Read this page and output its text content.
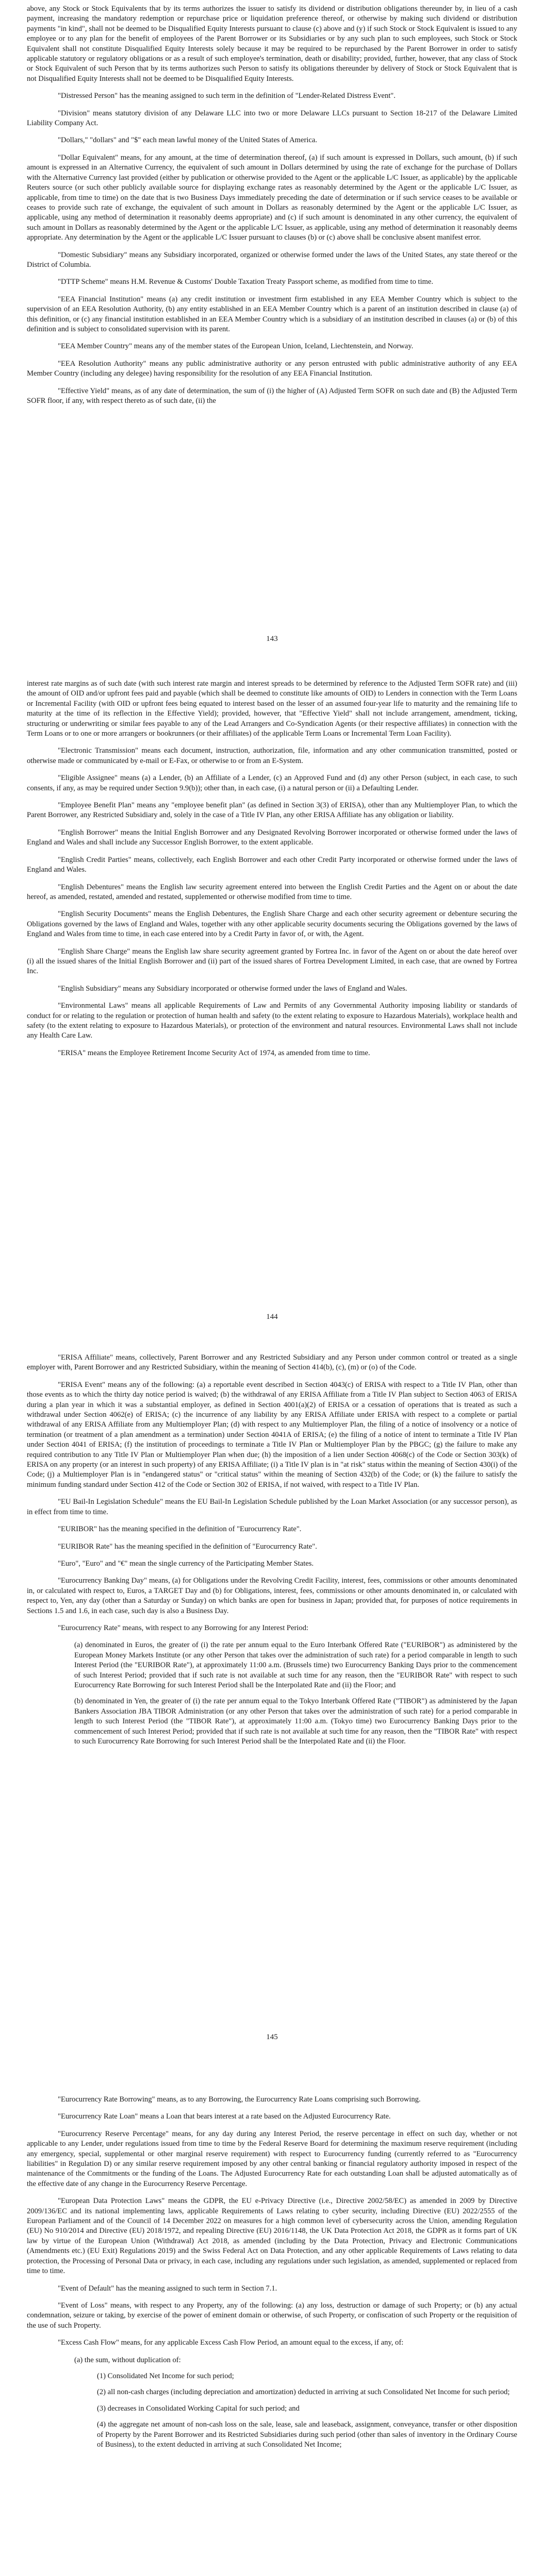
above, any Stock or Stock Equivalents that by its terms authorizes the issuer to satisfy its dividend or distribution obligations thereunder by, in lieu of a cash payment, increasing the mandatory redemption or repurchase price or liquidation preference thereof, or otherwise by making such dividend or distribution payments "in kind", shall not be deemed to be Disqualified Equity Interests pursuant to clause (c) above and (y) if such Stock or Stock Equivalent is issued to any employee or to any plan for the benefit of employees of the Parent Borrower or its Subsidiaries or by any such plan to such employees, such Stock or Stock Equivalent shall not constitute Disqualified Equity Interests solely because it may be required to be repurchased by the Parent Borrower in order to satisfy applicable statutory or regulatory obligations or as a result of such employee's termination, death or disability; provided, further, however, that any class of Stock or Stock Equivalent of such Person that by its terms authorizes such Person to satisfy its obligations thereunder by delivery of Stock or Stock Equivalent that is not Disqualified Equity Interests shall not be deemed to be Disqualified Equity Interests.

"Distressed Person" has the meaning assigned to such term in the definition of "Lender-Related Distress Event".

"Division" means statutory division of any Delaware LLC into two or more Delaware LLCs pursuant to Section 18-217 of the Delaware Limited Liability Company Act.

"Dollars," "dollars" and "$" each mean lawful money of the United States of America.

"Dollar Equivalent" means, for any amount, at the time of determination thereof, (a) if such amount is expressed in Dollars, such amount, (b) if such amount is expressed in an Alternative Currency, the equivalent of such amount in Dollars determined by using the rate of exchange for the purchase of Dollars with the Alternative Currency last provided (either by publication or otherwise provided to the Agent or the applicable L/C Issuer, as applicable) by the applicable Reuters source (or such other publicly available source for displaying exchange rates as reasonably determined by the Agent or the applicable L/C Issuer, as applicable, from time to time) on the date that is two Business Days immediately preceding the date of determination or if such service ceases to be available or ceases to provide such rate of exchange, the equivalent of such amount in Dollars as reasonably determined by the Agent or the applicable L/C Issuer, as applicable, using any method of determination it reasonably deems appropriate) and (c) if such amount is denominated in any other currency, the equivalent of such amount in Dollars as reasonably determined by the Agent or the applicable L/C Issuer, as applicable, using any method of determination it reasonably deems appropriate. Any determination by the Agent or the applicable L/C Issuer pursuant to clauses (b) or (c) above shall be conclusive absent manifest error.

"Domestic Subsidiary" means any Subsidiary incorporated, organized or otherwise formed under the laws of the United States, any state thereof or the District of Columbia.

"DTTP Scheme" means H.M. Revenue & Customs' Double Taxation Treaty Passport scheme, as modified from time to time.

"EEA Financial Institution" means (a) any credit institution or investment firm established in any EEA Member Country which is subject to the supervision of an EEA Resolution Authority, (b) any entity established in an EEA Member Country which is a parent of an institution described in clause (a) of this definition, or (c) any financial institution established in an EEA Member Country which is a subsidiary of an institution described in clauses (a) or (b) of this definition and is subject to consolidated supervision with its parent.

"EEA Member Country" means any of the member states of the European Union, Iceland, Liechtenstein, and Norway.

"EEA Resolution Authority" means any public administrative authority or any person entrusted with public administrative authority of any EEA Member Country (including any delegee) having responsibility for the resolution of any EEA Financial Institution.

"Effective Yield" means, as of any date of determination, the sum of (i) the higher of (A) Adjusted Term SOFR on such date and (B) the Adjusted Term SOFR floor, if any, with respect thereto as of such date, (ii) the

143

interest rate margins as of such date (with such interest rate margin and interest spreads to be determined by reference to the Adjusted Term SOFR rate) and (iii) the amount of OID and/or upfront fees paid and payable (which shall be deemed to constitute like amounts of OID) to Lenders in connection with the Term Loans or Incremental Facility (with OID or upfront fees being equated to interest based on the lesser of an assumed four-year life to maturity and the remaining life to maturity at the time of its reflection in the Effective Yield); provided, however, that "Effective Yield" shall not include arrangement, amendment, ticking, structuring or underwriting or similar fees payable to any of the Lead Arrangers and Co-Syndication Agents (or their respective affiliates) in connection with the Term Loans or to one or more arrangers or bookrunners (or their affiliates) of the applicable Term Loans or Incremental Term Loan Facility).

"Electronic Transmission" means each document, instruction, authorization, file, information and any other communication transmitted, posted or otherwise made or communicated by e-mail or E-Fax, or otherwise to or from an E-System.

"Eligible Assignee" means (a) a Lender, (b) an Affiliate of a Lender, (c) an Approved Fund and (d) any other Person (subject, in each case, to such consents, if any, as may be required under Section 9.9(b)); other than, in each case, (i) a natural person or (ii) a Defaulting Lender.

"Employee Benefit Plan" means any "employee benefit plan" (as defined in Section 3(3) of ERISA), other than any Multiemployer Plan, to which the Parent Borrower, any Restricted Subsidiary and, solely in the case of a Title IV Plan, any other ERISA Affiliate has any obligation or liability.

"English Borrower" means the Initial English Borrower and any Designated Revolving Borrower incorporated or otherwise formed under the laws of England and Wales and shall include any Successor English Borrower, to the extent applicable.

"English Credit Parties" means, collectively, each English Borrower and each other Credit Party incorporated or otherwise formed under the laws of England and Wales.

"English Debentures" means the English law security agreement entered into between the English Credit Parties and the Agent on or about the date hereof, as amended, restated, amended and restated, supplemented or otherwise modified from time to time.

"English Security Documents" means the English Debentures, the English Share Charge and each other security agreement or debenture securing the Obligations governed by the laws of England and Wales, together with any other applicable security documents securing the Obligations governed by the laws of England and Wales from time to time, in each case entered into by a Credit Party in favor of, or with, the Agent.

"English Share Charge" means the English law share security agreement granted by Fortrea Inc. in favor of the Agent on or about the date hereof over (i) all the issued shares of the Initial English Borrower and (ii) part of the issued shares of Fortrea Development Limited, in each case, that are owned by Fortrea Inc.

"English Subsidiary" means any Subsidiary incorporated or otherwise formed under the laws of England and Wales.

"Environmental Laws" means all applicable Requirements of Law and Permits of any Governmental Authority imposing liability or standards of conduct for or relating to the regulation or protection of human health and safety (to the extent relating to exposure to Hazardous Materials), workplace health and safety (to the extent relating to exposure to Hazardous Materials), or protection of the environment and natural resources. Environmental Laws shall not include any Health Care Law.

"ERISA" means the Employee Retirement Income Security Act of 1974, as amended from time to time.

144

"ERISA Affiliate" means, collectively, Parent Borrower and any Restricted Subsidiary and any Person under common control or treated as a single employer with, Parent Borrower and any Restricted Subsidiary, within the meaning of Section 414(b), (c), (m) or (o) of the Code.

"ERISA Event" means any of the following: (a) a reportable event described in Section 4043(c) of ERISA with respect to a Title IV Plan, other than those events as to which the thirty day notice period is waived; (b) the withdrawal of any ERISA Affiliate from a Title IV Plan subject to Section 4063 of ERISA during a plan year in which it was a substantial employer, as defined in Section 4001(a)(2) of ERISA or a cessation of operations that is treated as such a withdrawal under Section 4062(e) of ERISA; (c) the incurrence of any liability by any ERISA Affiliate under ERISA with respect to a complete or partial withdrawal of any ERISA Affiliate from any Multiemployer Plan; (d) with respect to any Multiemployer Plan, the filing of a notice of insolvency or a notice of termination (or treatment of a plan amendment as a termination) under Section 4041A of ERISA; (e) the filing of a notice of intent to terminate a Title IV Plan under Section 4041 of ERISA; (f) the institution of proceedings to terminate a Title IV Plan or Multiemployer Plan by the PBGC; (g) the failure to make any required contribution to any Title IV Plan or Multiemployer Plan when due; (h) the imposition of a lien under Section 4068(c) of the Code or Section 303(k) of ERISA on any property (or an interest in such property) of any ERISA Affiliate; (i) a Title IV plan is in "at risk" status within the meaning of Section 430(i) of the Code; (j) a Multiemployer Plan is in "endangered status" or "critical status" within the meaning of Section 432(b) of the Code; or (k) the failure to satisfy the minimum funding standard under Section 412 of the Code or Section 302 of ERISA, if not waived, with respect to a Title IV Plan.

"EU Bail-In Legislation Schedule" means the EU Bail-In Legislation Schedule published by the Loan Market Association (or any successor person), as in effect from time to time.

"EURIBOR" has the meaning specified in the definition of "Eurocurrency Rate".

"EURIBOR Rate" has the meaning specified in the definition of "Eurocurrency Rate".

"Euro", "Euro" and "€" mean the single currency of the Participating Member States.

"Eurocurrency Banking Day" means, (a) for Obligations under the Revolving Credit Facility, interest, fees, commissions or other amounts denominated in, or calculated with respect to, Euros, a TARGET Day and (b) for Obligations, interest, fees, commissions or other amounts denominated in, or calculated with respect to, Yen, any day (other than a Saturday or Sunday) on which banks are open for business in Japan; provided that, for purposes of notice requirements in Sections 1.5 and 1.6, in each case, such day is also a Business Day.

"Eurocurrency Rate" means, with respect to any Borrowing for any Interest Period:

(a) denominated in Euros, the greater of (i) the rate per annum equal to the Euro Interbank Offered Rate ("EURIBOR") as administered by the European Money Markets Institute (or any other Person that takes over the administration of such rate) for a period comparable in length to such Interest Period (the "EURIBOR Rate"), at approximately 11:00 a.m. (Brussels time) two Eurocurrency Banking Days prior to the commencement of such Interest Period; provided that if such rate is not available at such time for any reason, then the "EURIBOR Rate" with respect to such Eurocurrency Rate Borrowing for such Interest Period shall be the Interpolated Rate and (ii) the Floor; and

(b) denominated in Yen, the greater of (i) the rate per annum equal to the Tokyo Interbank Offered Rate ("TIBOR") as administered by the Japan Bankers Association JBA TIBOR Administration (or any other Person that takes over the administration of such rate) for a period comparable in length to such Interest Period (the "TIBOR Rate"), at approximately 11:00 a.m. (Tokyo time) two Eurocurrency Banking Days prior to the commencement of such Interest Period; provided that if such rate is not available at such time for any reason, then the "TIBOR Rate" with respect to such Eurocurrency Rate Borrowing for such Interest Period shall be the Interpolated Rate and (ii) the Floor.

145

"Eurocurrency Rate Borrowing" means, as to any Borrowing, the Eurocurrency Rate Loans comprising such Borrowing.

"Eurocurrency Rate Loan" means a Loan that bears interest at a rate based on the Adjusted Eurocurrency Rate.

"Eurocurrency Reserve Percentage" means, for any day during any Interest Period, the reserve percentage in effect on such day, whether or not applicable to any Lender, under regulations issued from time to time by the Federal Reserve Board for determining the maximum reserve requirement (including any emergency, special, supplemental or other marginal reserve requirement) with respect to Eurocurrency funding (currently referred to as "Eurocurrency liabilities" in Regulation D) or any similar reserve requirement imposed by any other central banking or financial regulatory authority imposed in respect of the maintenance of the Commitments or the funding of the Loans. The Adjusted Eurocurrency Rate for each outstanding Loan shall be adjusted automatically as of the effective date of any change in the Eurocurrency Reserve Percentage.

"European Data Protection Laws" means the GDPR, the EU e-Privacy Directive (i.e., Directive 2002/58/EC) as amended in 2009 by Directive 2009/136/EC and its national implementing laws, applicable Requirements of Laws relating to cyber security, including Directive (EU) 2022/2555 of the European Parliament and of the Council of 14 December 2022 on measures for a high common level of cybersecurity across the Union, amending Regulation (EU) No 910/2014 and Directive (EU) 2018/1972, and repealing Directive (EU) 2016/1148, the UK Data Protection Act 2018, the GDPR as it forms part of UK law by virtue of the European Union (Withdrawal) Act 2018, as amended (including by the Data Protection, Privacy and Electronic Communications (Amendments etc.) (EU Exit) Regulations 2019) and the Swiss Federal Act on Data Protection, and any other applicable Requirements of Laws relating to data protection, the Processing of Personal Data or privacy, in each case, including any regulations under such legislation, as amended, supplemented or replaced from time to time.

"Event of Default" has the meaning assigned to such term in Section 7.1.

"Event of Loss" means, with respect to any Property, any of the following: (a) any loss, destruction or damage of such Property; or (b) any actual condemnation, seizure or taking, by exercise of the power of eminent domain or otherwise, of such Property, or confiscation of such Property or the requisition of the use of such Property.

"Excess Cash Flow" means, for any applicable Excess Cash Flow Period, an amount equal to the excess, if any, of:

(a) the sum, without duplication of:

(1) Consolidated Net Income for such period;

(2) all non-cash charges (including depreciation and amortization) deducted in arriving at such Consolidated Net Income for such period;

(3) decreases in Consolidated Working Capital for such period; and

(4) the aggregate net amount of non-cash loss on the sale, lease, sale and leaseback, assignment, conveyance, transfer or other disposition of Property by the Parent Borrower and its Restricted Subsidiaries during such period (other than sales of inventory in the Ordinary Course of Business), to the extent deducted in arriving at such Consolidated Net Income;
